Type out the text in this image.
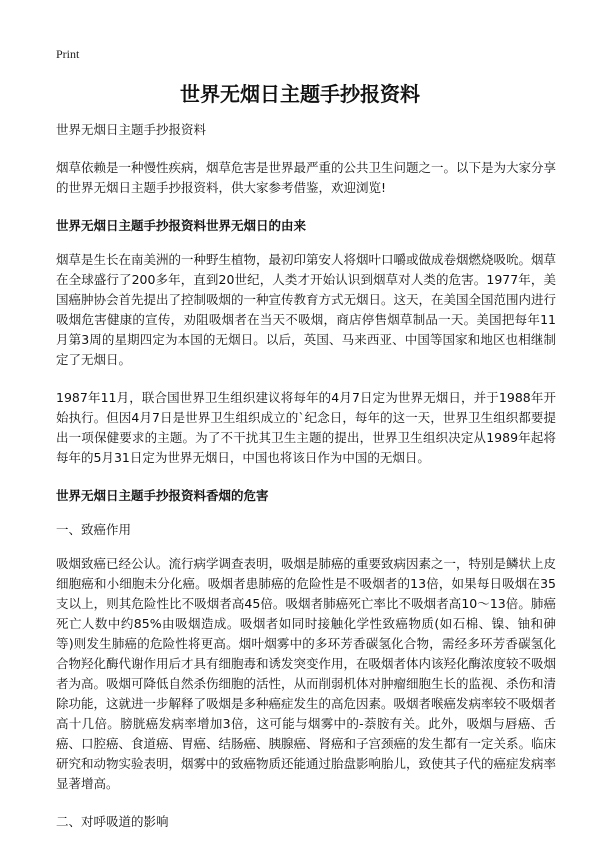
Print
世界无烟日主题手抄报资料

世界无烟日主题手抄报资料

烟草依赖是一种慢性疾病，烟草危害是世界最严重的公共卫生问题之一。以下是为大家分享的世界无烟日主题手抄报资料，供大家参考借鉴，欢迎浏览!

世界无烟日主题手抄报资料世界无烟日的由来

烟草是生长在南美洲的一种野生植物，最初印第安人将烟叶口嚼或做成卷烟燃烧吸吮。烟草在全球盛行了200多年，直到20世纪，人类才开始认识到烟草对人类的危害。1977年，美国癌肿协会首先提出了控制吸烟的一种宣传教育方式无烟日。这天，在美国全国范围内进行吸烟危害健康的宣传，劝阻吸烟者在当天不吸烟，商店停售烟草制品一天。美国把每年11月第3周的星期四定为本国的无烟日。以后，英国、马来西亚、中国等国家和地区也相继制定了无烟日。

1987年11月，联合国世界卫生组织建议将每年的4月7日定为世界无烟日，并于1988年开始执行。但因4月7日是世界卫生组织成立的`纪念日，每年的这一天，世界卫生组织都要提出一项保健要求的主题。为了不干扰其卫生主题的提出，世界卫生组织决定从1989年起将每年的5月31日定为世界无烟日，中国也将该日作为中国的无烟日。

世界无烟日主题手抄报资料香烟的危害

一、致癌作用

吸烟致癌已经公认。流行病学调查表明，吸烟是肺癌的重要致病因素之一，特别是鳞状上皮细胞癌和小细胞未分化癌。吸烟者患肺癌的危险性是不吸烟者的13倍，如果每日吸烟在35支以上，则其危险性比不吸烟者高45倍。吸烟者肺癌死亡率比不吸烟者高10～13倍。肺癌死亡人数中约85%由吸烟造成。吸烟者如同时接触化学性致癌物质(如石棉、镍、铀和砷等)则发生肺癌的危险性将更高。烟叶烟雾中的多环芳香碳氢化合物，需经多环芳香碳氢化合物羟化酶代谢作用后才具有细胞毒和诱发突变作用，在吸烟者体内该羟化酶浓度较不吸烟者为高。吸烟可降低自然杀伤细胞的活性，从而削弱机体对肿瘤细胞生长的监视、杀伤和清除功能，这就进一步解释了吸烟是多种癌症发生的高危因素。吸烟者喉癌发病率较不吸烟者高十几倍。膀胱癌发病率增加3倍，这可能与烟雾中的-萘胺有关。此外，吸烟与唇癌、舌癌、口腔癌、食道癌、胃癌、结肠癌、胰腺癌、肾癌和子宫颈癌的发生都有一定关系。临床研究和动物实验表明，烟雾中的致癌物质还能通过胎盘影响胎儿，致使其子代的癌症发病率显著增高。

二、对呼吸道的影响
